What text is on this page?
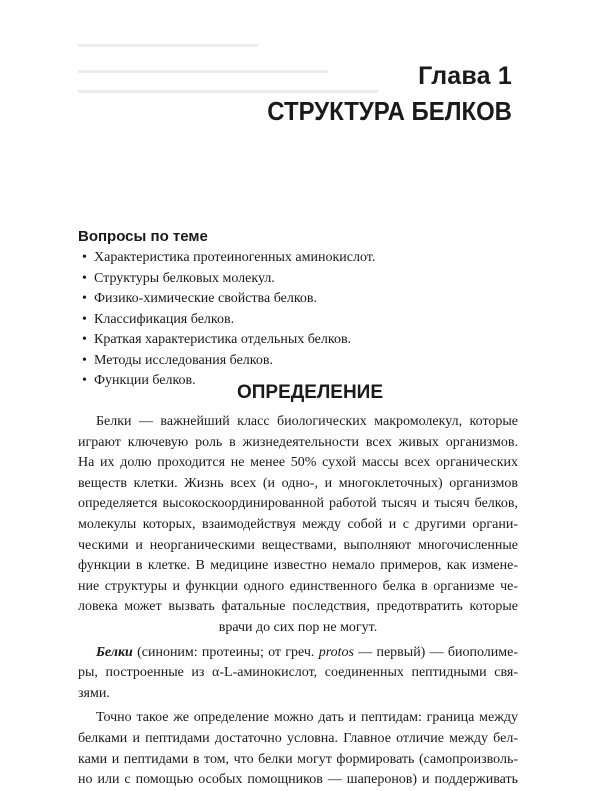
Глава 1
СТРУКТУРА БЕЛКОВ
Вопросы по теме
• Характеристика протеиногенных аминокислот.
• Структуры белковых молекул.
• Физико-химические свойства белков.
• Классификация белков.
• Краткая характеристика отдельных белков.
• Методы исследования белков.
• Функции белков.
ОПРЕДЕЛЕНИЕ

Белки — важнейший класс биологических макромолекул, которые
играют ключевую роль в жизнедеятельности всех живых организмов.
На их долю проходится не менее 50% сухой массы всех органических
веществ клетки. Жизнь всех (и одно-, и многоклеточных) организмов
определяется высокоскоординированной работой тысяч и тысяч белков,
молекулы которых, взаимодействуя между собой и с другими органи-
ческими и неорганическими веществами, выполняют многочисленные
функции в клетке. В медицине известно немало примеров, как измене-
ние структуры и функции одного единственного белка в организме че-
ловека может вызвать фатальные последствия, предотвратить которые
врачи до сих пор не могут.

Белки (синоним: протеины; от греч. protos — первый) — биополиме-
ры, построенные из α-L-аминокислот, соединенных пептидными свя-
зями.

Точно такое же определение можно дать и пептидам: граница между
белками и пептидами достаточно условна. Главное отличие между бел-
ками и пептидами в том, что белки могут формировать (самопроизволь-
но или с помощью особых помощников — шаперонов) и поддерживать
